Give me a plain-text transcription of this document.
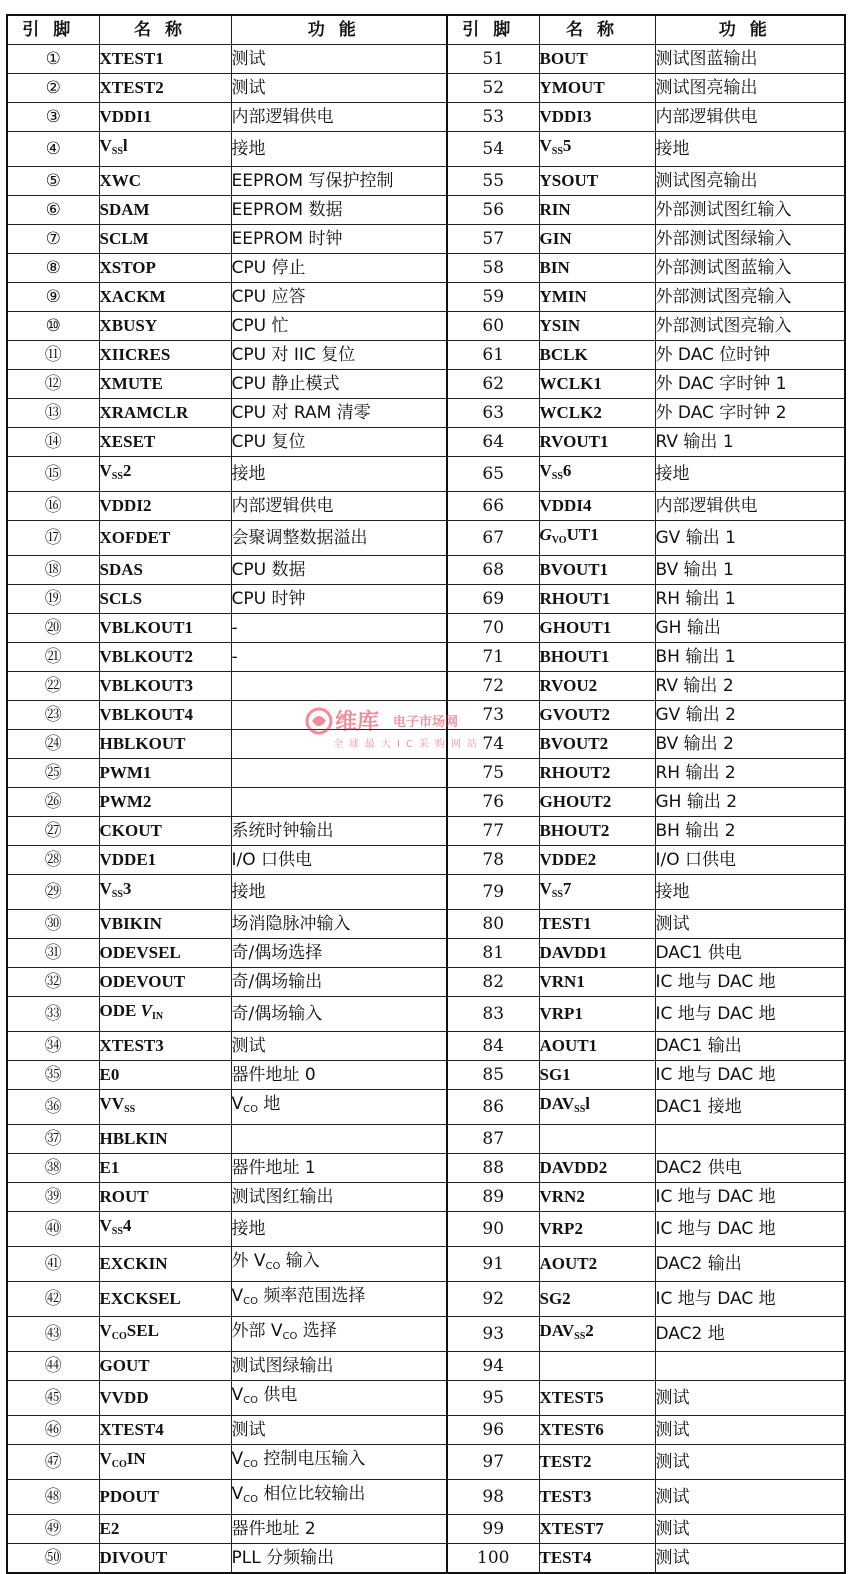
引脚	名称	功能	引脚	名称	功能
①	XTEST1	测试	51	BOUT	测试图蓝输出
②	XTEST2	测试	52	YMOUT	测试图亮输出
③	VDDI1	内部逻辑供电	53	VDDI3	内部逻辑供电
④	$V_{SS}l$	接地	54	$V_{SS}5$	接地
⑤	XWC	EEPROM 写保护控制	55	YSOUT	测试图亮输出
⑥	SDAM	EEPROM 数据	56	RIN	外部测试图红输入
⑦	SCLM	EEPROM 时钟	57	GIN	外部测试图绿输入
⑧	XSTOP	CPU 停止	58	BIN	外部测试图蓝输入
⑨	XACKM	CPU 应答	59	YMIN	外部测试图亮输入
⑩	XBUSY	CPU 忙	60	YSIN	外部测试图亮输入
⑪	XIICRES	CPU 对 IIC 复位	61	BCLK	外 DAC 位时钟
⑫	XMUTE	CPU 静止模式	62	WCLK1	外 DAC 字时钟 1
⑬	XRAMCLR	CPU 对 RAM 清零	63	WCLK2	外 DAC 字时钟 2
⑭	XESET	CPU 复位	64	RVOUT1	RV 输出 1
⑮	$V_{SS}2$	接地	65	$V_{SS}6$	接地
⑯	VDDI2	内部逻辑供电	66	VDDI4	内部逻辑供电
⑰	XOFDET	会聚调整数据溢出	67	$G_{VO}UT1$	GV 输出 1
⑱	SDAS	CPU 数据	68	BVOUT1	BV 输出 1
⑲	SCLS	CPU 时钟	69	RHOUT1	RH 输出 1
⑳	VBLKOUT1	-	70	GHOUT1	GH 输出
㉑	VBLKOUT2	-	71	BHOUT1	BH 输出 1
㉒	VBLKOUT3		72	RVOU2	RV 输出 2
㉓	VBLKOUT4		73	GVOUT2	GV 输出 2
㉔	HBLKOUT		74	BVOUT2	BV 输出 2
㉕	PWM1		75	RHOUT2	RH 输出 2
㉖	PWM2		76	GHOUT2	GH 输出 2
㉗	CKOUT	系统时钟输出	77	BHOUT2	BH 输出 2
㉘	VDDE1	I/O 口供电	78	VDDE2	I/O 口供电
㉙	$V_{SS}3$	接地	79	$V_{SS}7$	接地
㉚	VBIKIN	场消隐脉冲输入	80	TEST1	测试
㉛	ODEVSEL	奇/偶场选择	81	DAVDD1	DAC1 供电
㉜	ODEVOUT	奇/偶场输出	82	VRN1	IC 地与 DAC 地
㉝	ODE $V_{IN}$	奇/偶场输入	83	VRP1	IC 地与 DAC 地
㉞	XTEST3	测试	84	AOUT1	DAC1 输出
㉟	E0	器件地址 0	85	SG1	IC 地与 DAC 地
㊱	$VV_{SS}$	$V_{CO}$ 地	86	$DAV_{SS}l$	DAC1 接地
㊲	HBLKIN		87		
㊳	E1	器件地址 1	88	DAVDD2	DAC2 供电
㊴	ROUT	测试图红输出	89	VRN2	IC 地与 DAC 地
㊵	$V_{SS}4$	接地	90	VRP2	IC 地与 DAC 地
㊶	EXCKIN	外 $V_{CO}$ 输入	91	AOUT2	DAC2 输出
㊷	EXCKSEL	$V_{CO}$ 频率范围选择	92	SG2	IC 地与 DAC 地
㊸	$V_{CO}SEL$	外部 $V_{CO}$ 选择	93	$DAV_{SS}2$	DAC2 地
㊹	GOUT	测试图绿输出	94		
㊺	VVDD	$V_{CO}$ 供电	95	XTEST5	测试
㊻	XTEST4	测试	96	XTEST6	测试
㊼	$V_{CO}IN$	$V_{CO}$ 控制电压输入	97	TEST2	测试
㊽	PDOUT	$V_{CO}$ 相位比较输出	98	TEST3	测试
㊾	E2	器件地址 2	99	XTEST7	测试
㊿	DIVOUT	PLL 分频输出	100	TEST4	测试
维库 电子市场网
全球最大IC采购网站
